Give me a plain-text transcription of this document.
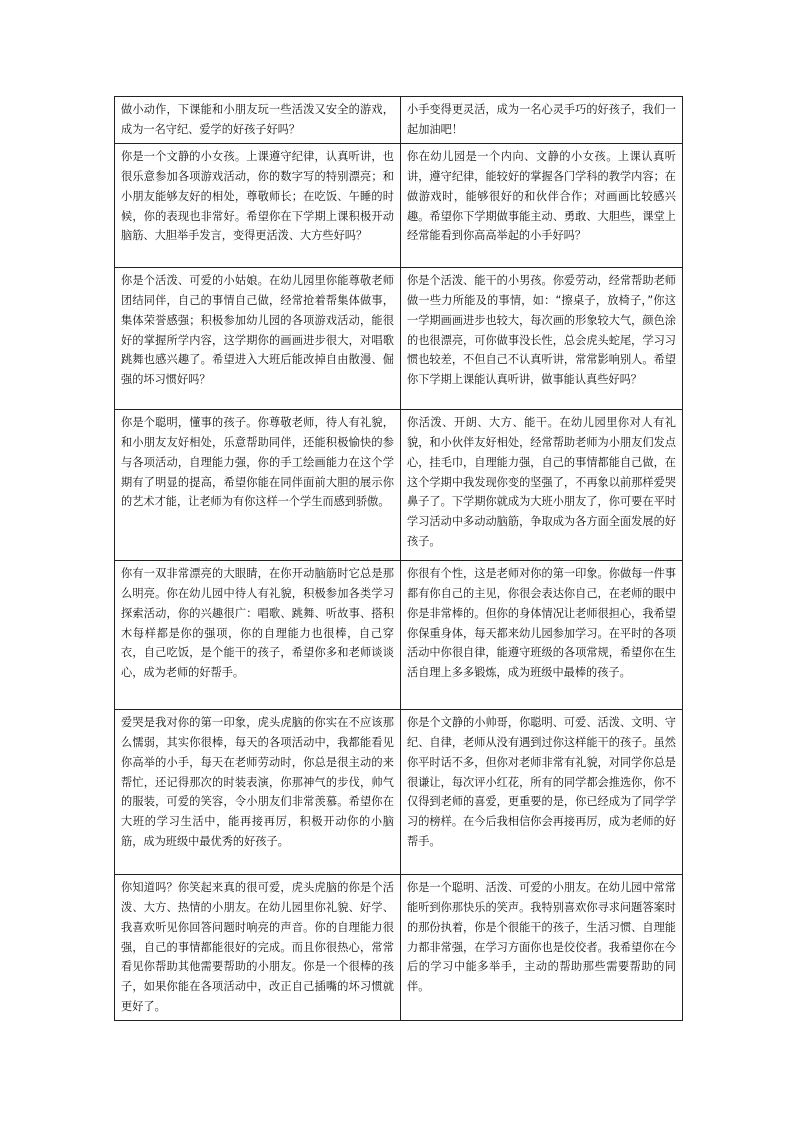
做小动作，下课能和小朋友玩一些活泼又安全的游戏，成为一名守纪、爱学的好孩子好吗？	小手变得更灵活，成为一名心灵手巧的好孩子，我们一起加油吧！
你是一个文静的小女孩。上课遵守纪律，认真听讲，也很乐意参加各项游戏活动，你的数字写的特别漂亮；和小朋友能够友好的相处，尊敬师长；在吃饭、午睡的时候，你的表现也非常好。希望你在下学期上课积极开动脑筋、大胆举手发言，变得更活泼、大方些好吗？	你在幼儿园是一个内向、文静的小女孩。上课认真听讲，遵守纪律，能较好的掌握各门学科的教学内容；在做游戏时，能够很好的和伙伴合作；对画画比较感兴趣。希望你下学期做事能主动、勇敢、大胆些，课堂上经常能看到你高高举起的小手好吗？
你是个活泼、可爱的小姑娘。在幼儿园里你能尊敬老师团结同伴，自己的事情自己做，经常抢着帮集体做事，集体荣誉感强；积极参加幼儿园的各项游戏活动，能很好的掌握所学内容，这学期你的画画进步很大，对唱歌跳舞也感兴趣了。希望进入大班后能改掉自由散漫、倔强的坏习惯好吗？	你是个活泼、能干的小男孩。你爱劳动，经常帮助老师做一些力所能及的事情，如：“擦桌子，放椅子，”你这一学期画画进步也较大，每次画的形象较大气，颜色涂的也很漂亮，可你做事没长性，总会虎头蛇尾，学习习惯也较差，不但自己不认真听讲，常常影响别人。希望你下学期上课能认真听讲，做事能认真些好吗？
你是个聪明，懂事的孩子。你尊敬老师，待人有礼貌，和小朋友友好相处，乐意帮助同伴，还能积极愉快的参与各项活动，自理能力强，你的手工绘画能力在这个学期有了明显的提高，希望你能在同伴面前大胆的展示你的艺术才能，让老师为有你这样一个学生而感到骄傲。	你活泼、开朗、大方、能干。在幼儿园里你对人有礼貌，和小伙伴友好相处，经常帮助老师为小朋友们发点心，挂毛巾，自理能力强，自己的事情都能自己做，在这个学期中我发现你变的坚强了，不再象以前那样爱哭鼻子了。下学期你就成为大班小朋友了，你可要在平时学习活动中多动动脑筋，争取成为各方面全面发展的好孩子。
你有一双非常漂亮的大眼睛，在你开动脑筋时它总是那么明亮。你在幼儿园中待人有礼貌，积极参加各类学习探索活动，你的兴趣很广：唱歌、跳舞、听故事、搭积木每样都是你的强项，你的自理能力也很棒，自己穿衣，自己吃饭，是个能干的孩子，希望你多和老师谈谈心，成为老师的好帮手。	你很有个性，这是老师对你的第一印象。你做每一件事都有你自己的主见，你很会表达你自己，在老师的眼中你是非常棒的。但你的身体情况让老师很担心，我希望你保重身体，每天都来幼儿园参加学习。在平时的各项活动中你很自律，能遵守班级的各项常规，希望你在生活自理上多多锻炼，成为班级中最棒的孩子。
爱哭是我对你的第一印象，虎头虎脑的你实在不应该那么懦弱，其实你很棒，每天的各项活动中，我都能看见你高举的小手，每天在老师劳动时，你总是很主动的来帮忙，还记得那次的时装表演，你那神气的步伐，帅气的服装，可爱的笑容，令小朋友们非常羡慕。希望你在大班的学习生活中，能再接再厉，积极开动你的小脑筋，成为班级中最优秀的好孩子。	你是个文静的小帅哥，你聪明、可爱、活泼、文明、守纪、自律，老师从没有遇到过你这样能干的孩子。虽然你平时话不多，但你对老师非常有礼貌，对同学你总是很谦让，每次评小红花，所有的同学都会推选你，你不仅得到老师的喜爱，更重要的是，你已经成为了同学学习的榜样。在今后我相信你会再接再厉，成为老师的好帮手。
你知道吗？你笑起来真的很可爱，虎头虎脑的你是个活泼、大方、热情的小朋友。在幼儿园里你礼貌、好学、我喜欢听见你回答问题时响亮的声音。你的自理能力很强，自己的事情都能很好的完成。而且你很热心，常常看见你帮助其他需要帮助的小朋友。你是一个很棒的孩子，如果你能在各项活动中，改正自己插嘴的坏习惯就更好了。	你是一个聪明、活泼、可爱的小朋友。在幼儿园中常常能听到你那快乐的笑声。我特别喜欢你寻求问题答案时的那份执着，你是个很能干的孩子，生活习惯、自理能力都非常强，在学习方面你也是佼佼者。我希望你在今后的学习中能多举手，主动的帮助那些需要帮助的同伴。
